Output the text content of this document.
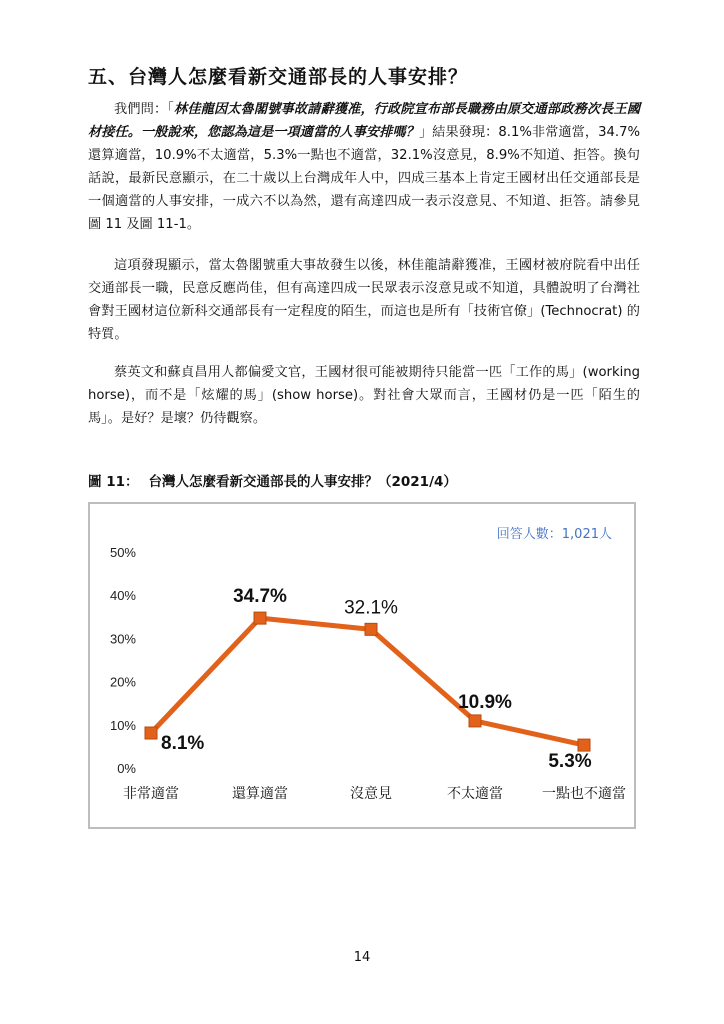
五、台灣人怎麼看新交通部長的人事安排？

我們問：「林佳龍因太魯閣號事故請辭獲准，行政院宣布部長職務由原交通部政務次長王國材接任。一般說來，您認為這是一項適當的人事安排嗎？」結果發現：8.1%非常適當，34.7%還算適當，10.9%不太適當，5.3%一點也不適當，32.1%沒意見，8.9%不知道、拒答。換句話說，最新民意顯示，在二十歲以上台灣成年人中，四成三基本上肯定王國材出任交通部長是一個適當的人事安排，一成六不以為然，還有高達四成一表示沒意見、不知道、拒答。請參見圖 11 及圖 11-1。

這項發現顯示，當太魯閣號重大事故發生以後，林佳龍請辭獲准，王國材被府院看中出任交通部長一職，民意反應尚佳，但有高達四成一民眾表示沒意見或不知道，具體說明了台灣社會對王國材這位新科交通部長有一定程度的陌生，而這也是所有「技術官僚」(Technocrat) 的特質。

蔡英文和蘇貞昌用人都偏愛文官，王國材很可能被期待只能當一匹「工作的馬」(working horse)，而不是「炫耀的馬」(show horse)。對社會大眾而言，王國材仍是一匹「陌生的馬」。是好？是壞？仍待觀察。

圖 11： 台灣人怎麼看新交通部長的人事安排？（2021/4）
回答人數：1,021人
0%
10%
20%
30%
40%
50%
非常適當	還算適當	沒意見	不太適當	一點也不適當
8.1%
34.7%
32.1%
10.9%
5.3%
14
